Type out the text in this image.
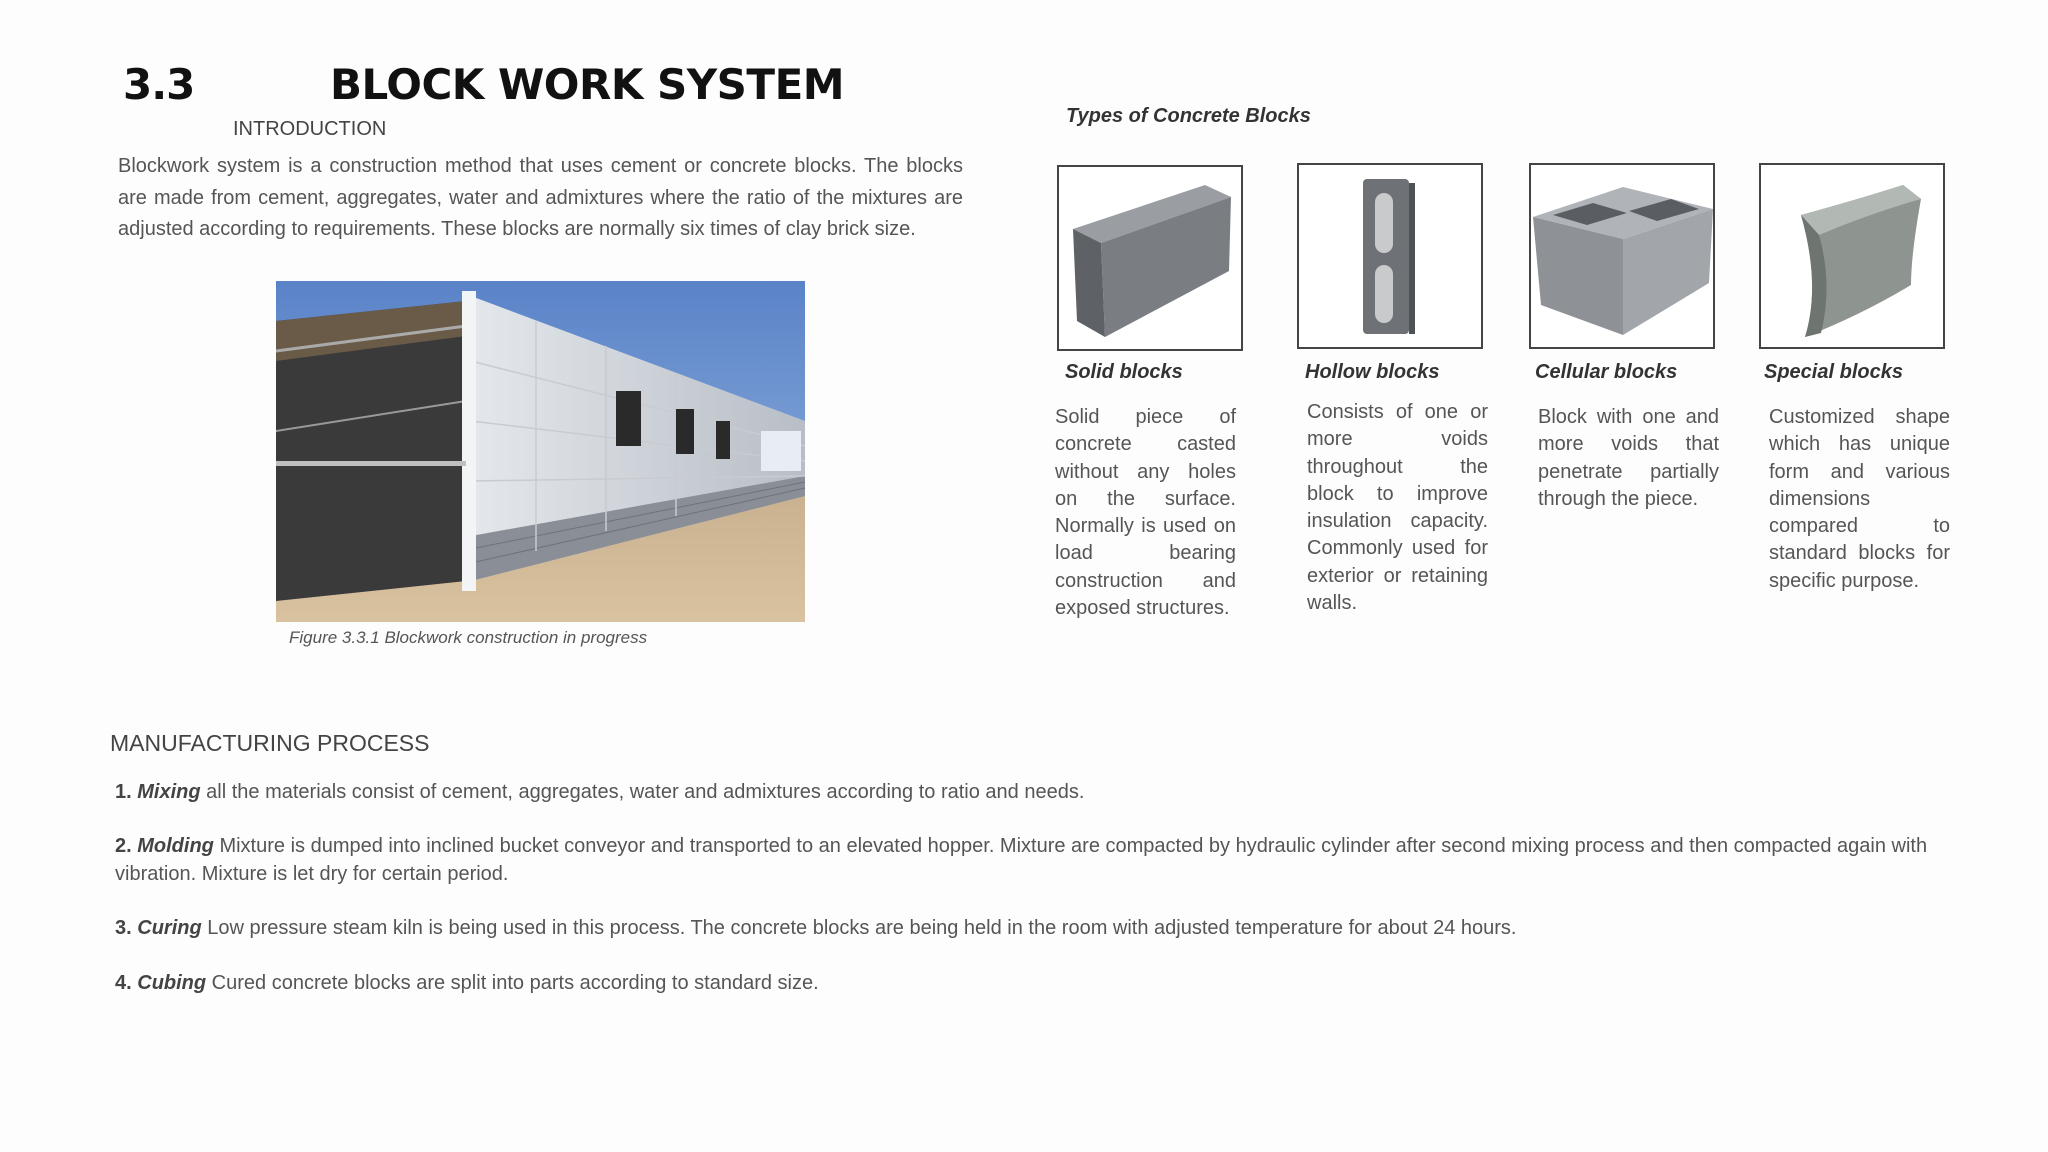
3.3	BLOCK WORK SYSTEM
INTRODUCTION
Blockwork system is a construction method that uses cement or concrete blocks. The blocks are made from cement, aggregates, water and admixtures where the ratio of the mixtures are adjusted according to requirements. These blocks are normally six times of clay brick size.
Figure 3.3.1 Blockwork construction in progress
Types of Concrete Blocks
Solid blocks	Hollow blocks	Cellular blocks	Special blocks
Solid piece of concrete casted without any holes on the surface. Normally is used on load bearing construction and exposed structures.
Consists of one or more voids throughout the block to improve insulation capacity. Commonly used for exterior or retaining walls.
Block with one and more voids that penetrate partially through the piece.
Customized shape which has unique form and various dimensions compared to standard blocks for specific purpose.
MANUFACTURING PROCESS
1. Mixing all the materials consist of cement, aggregates, water and admixtures according to ratio and needs.
2. Molding Mixture is dumped into inclined bucket conveyor and transported to an elevated hopper. Mixture are compacted by hydraulic cylinder after second mixing process and then compacted again with vibration. Mixture is let dry for certain period.
3. Curing Low pressure steam kiln is being used in this process. The concrete blocks are being held in the room with adjusted temperature for about 24 hours.
4. Cubing Cured concrete blocks are split into parts according to standard size.
